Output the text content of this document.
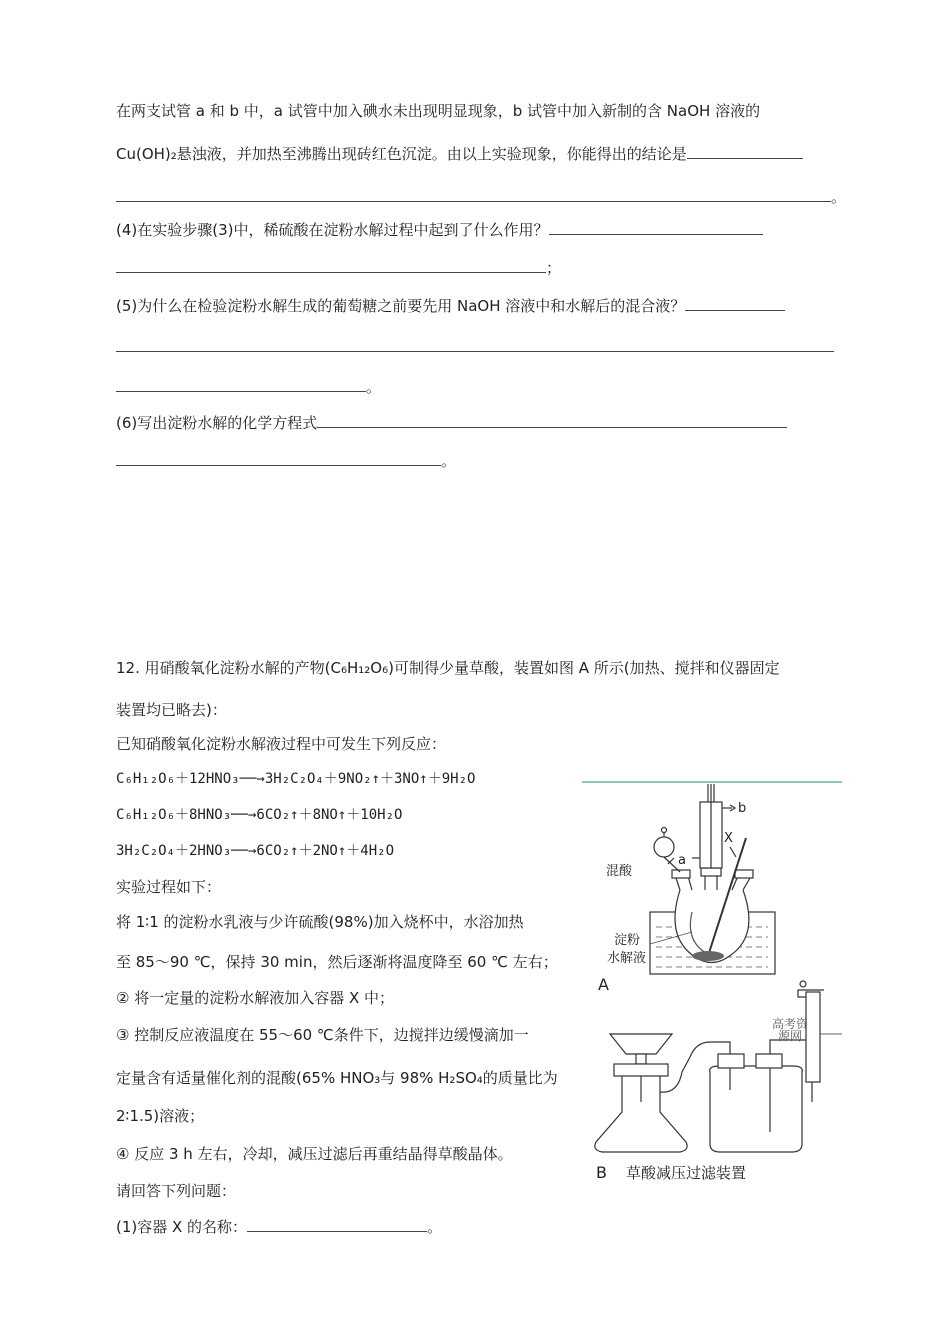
在两支试管 a 和 b 中，a 试管中加入碘水未出现明显现象，b 试管中加入新制的含 NaOH 溶液的
Cu(OH)₂悬浊液，并加热至沸腾出现砖红色沉淀。由以上实验现象，你能得出的结论是
。
(4)在实验步骤(3)中，稀硫酸在淀粉水解过程中起到了什么作用？
；
(5)为什么在检验淀粉水解生成的葡萄糖之前要先用 NaOH 溶液中和水解后的混合液？
。
(6)写出淀粉水解的化学方程式
。
12. 用硝酸氧化淀粉水解的产物(C₆H₁₂O₆)可制得少量草酸，装置如图 A 所示(加热、搅拌和仪器固定
装置均已略去)：
已知硝酸氧化淀粉水解液过程中可发生下列反应：
C₆H₁₂O₆＋12HNO₃──→3H₂C₂O₄＋9NO₂↑＋3NO↑＋9H₂O
C₆H₁₂O₆＋8HNO₃──→6CO₂↑＋8NO↑＋10H₂O
3H₂C₂O₄＋2HNO₃──→6CO₂↑＋2NO↑＋4H₂O
实验过程如下：
将 1∶1 的淀粉水乳液与少许硫酸(98%)加入烧杯中，水浴加热
至 85～90 ℃，保持 30 min，然后逐渐将温度降至 60 ℃ 左右；
② 将一定量的淀粉水解液加入容器 X 中；
③ 控制反应液温度在 55～60 ℃条件下，边搅拌边缓慢滴加一
定量含有适量催化剂的混酸(65% HNO₃与 98% H₂SO₄的质量比为
2∶1.5)溶液；
④ 反应 3 h 左右，冷却，减压过滤后再重结晶得草酸晶体。
请回答下列问题：
(1)容器 X 的名称：	。
b
a
X
混酸
淀粉
水解液
A
高考资
源网
B 草酸减压过滤装置
